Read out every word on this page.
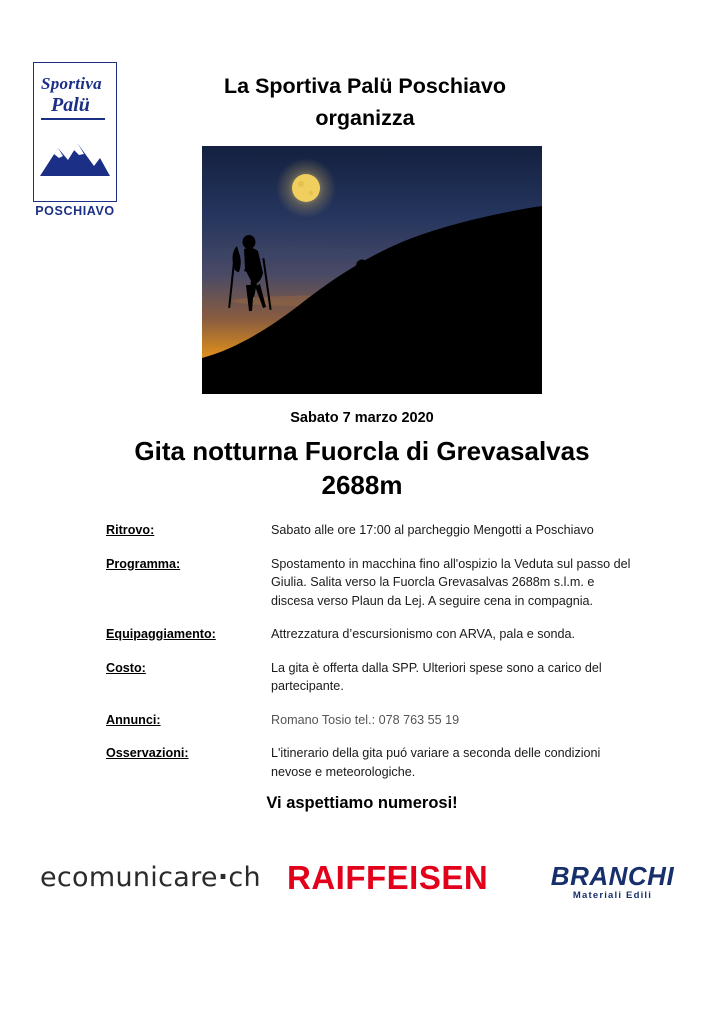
Sportiva
Palü
POSCHIAVO
La Sportiva Palü Poschiavo
organizza
Sabato 7 marzo 2020
Gita notturna Fuorcla di Grevasalvas
2688m
Ritrovo:	Sabato alle ore 17:00 al parcheggio Mengotti a Poschiavo
Programma:	Spostamento in macchina fino all'ospizio la Veduta sul passo del Giulia. Salita verso la Fuorcla Grevasalvas 2688m s.l.m. e discesa verso Plaun da Lej. A seguire cena in compagnia.
Equipaggiamento:	Attrezzatura d’escursionismo con ARVA, pala e sonda.
Costo:	La gita è offerta dalla SPP. Ulteriori spese sono a carico del partecipante.
Annunci:	Romano Tosio tel.: 078 763 55 19
Osservazioni:	L'itinerario della gita puó variare a seconda delle condizioni nevose e meteorologiche.
Vi aspettiamo numerosi!
ecomunicare·ch RAIFFEISEN	BRANCHI
Materiali Edili
